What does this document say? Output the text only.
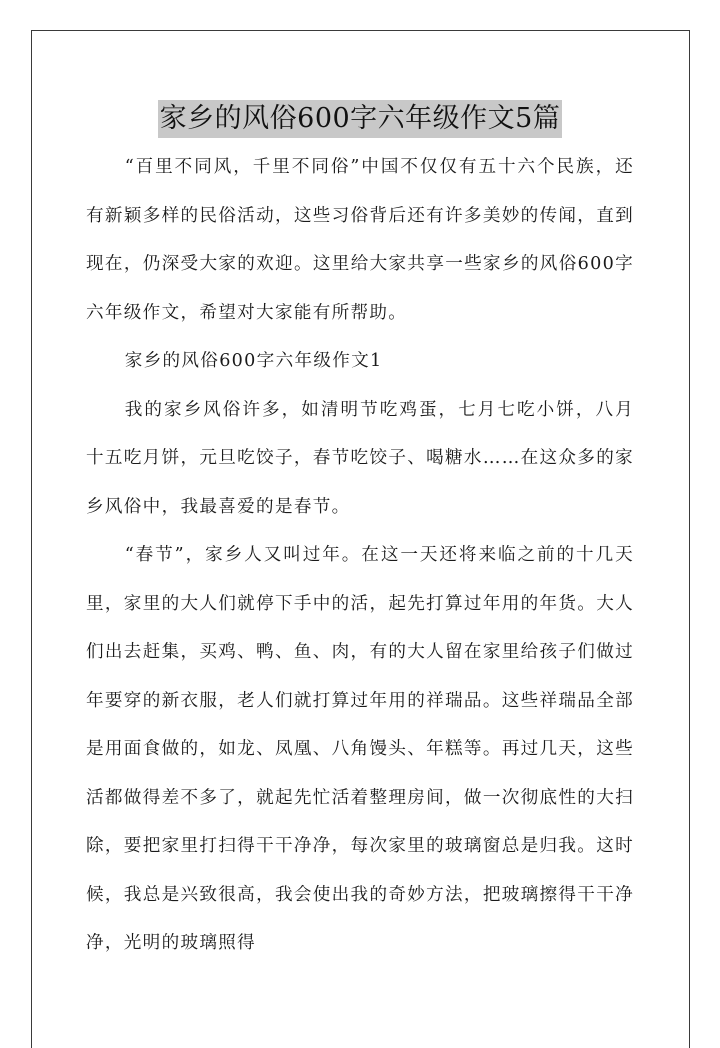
家乡的风俗600字六年级作文5篇

“百里不同风，千里不同俗”中国不仅仅有五十六个民族，还有新颖多样的民俗活动，这些习俗背后还有许多美妙的传闻，直到现在，仍深受大家的欢迎。这里给大家共享一些家乡的风俗600字六年级作文，希望对大家能有所帮助。

家乡的风俗600字六年级作文1

我的家乡风俗许多，如清明节吃鸡蛋，七月七吃小饼，八月十五吃月饼，元旦吃饺子，春节吃饺子、喝糖水……在这众多的家乡风俗中，我最喜爱的是春节。

“春节”，家乡人又叫过年。在这一天还将来临之前的十几天里，家里的大人们就停下手中的活，起先打算过年用的年货。大人们出去赶集，买鸡、鸭、鱼、肉，有的大人留在家里给孩子们做过年要穿的新衣服，老人们就打算过年用的祥瑞品。这些祥瑞品全部是用面食做的，如龙、凤凰、八角馒头、年糕等。再过几天，这些活都做得差不多了，就起先忙活着整理房间，做一次彻底性的大扫除，要把家里打扫得干干净净，每次家里的玻璃窗总是归我。这时候，我总是兴致很高，我会使出我的奇妙方法，把玻璃擦得干干净净，光明的玻璃照得
